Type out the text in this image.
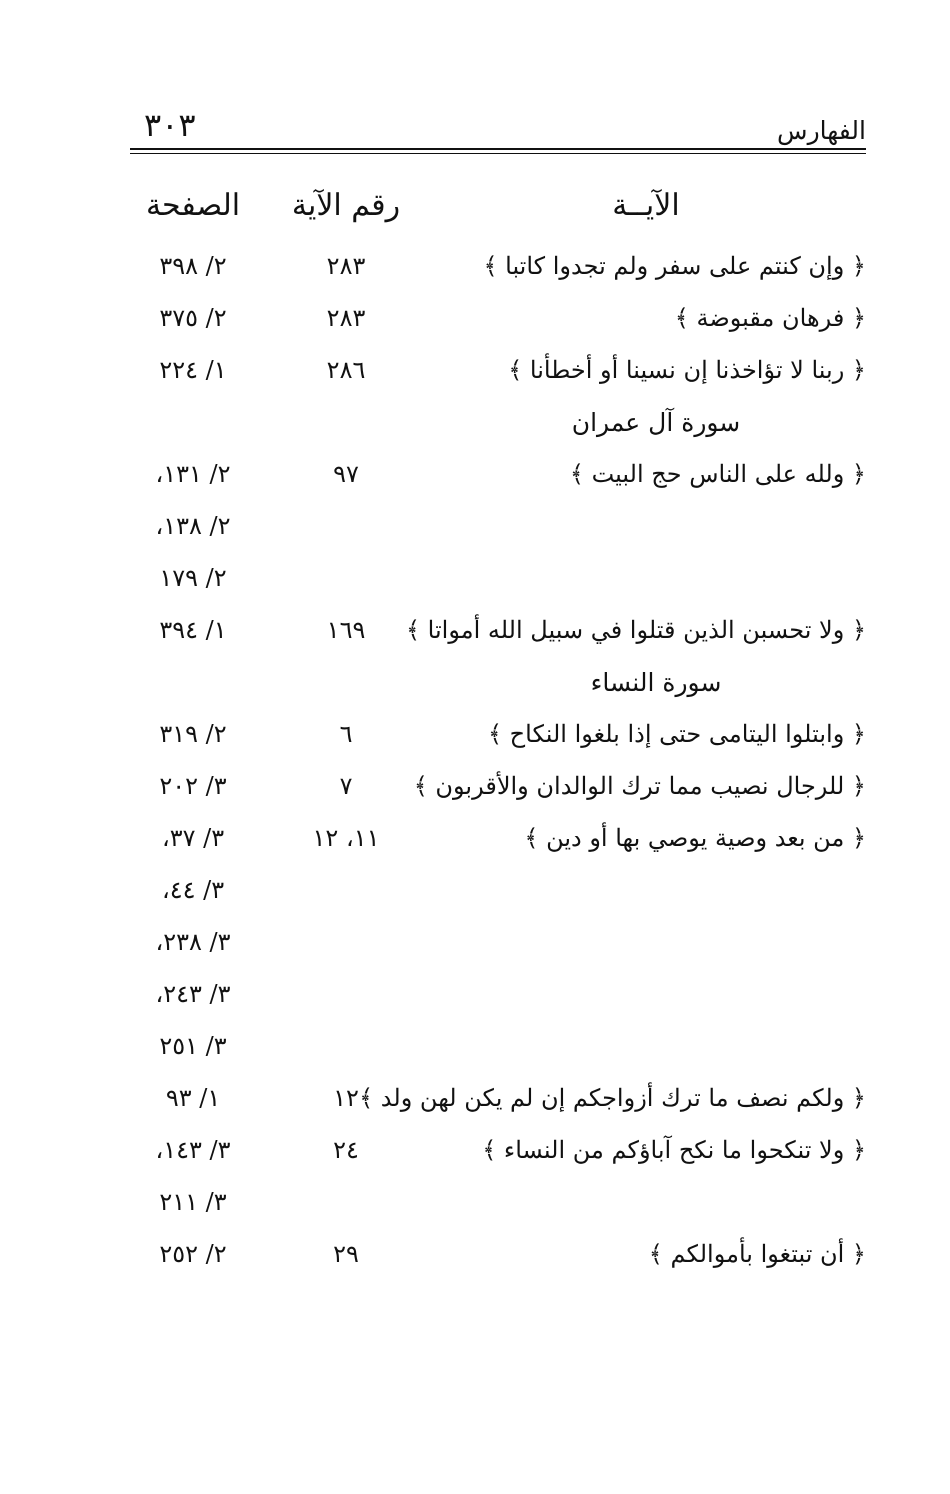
الفهارس
٣٠٣
الآيــة
رقم الآية
الصفحة
﴿ وإن كنتم على سفر ولم تجدوا كاتبا ﴾
٢٨٣
٢/ ٣٩٨
﴿ فرهان مقبوضة ﴾
٢٨٣
٢/ ٣٧٥
﴿ ربنا لا تؤاخذنا إن نسينا أو أخطأنا ﴾
٢٨٦
١/ ٢٢٤
سورة آل عمران
﴿ ولله على الناس حج البيت ﴾
٩٧
٢/ ١٣١،
٢/ ١٣٨،
٢/ ١٧٩
﴿ ولا تحسبن الذين قتلوا في سبيل الله أمواتا ﴾
١٦٩
١/ ٣٩٤
سورة النساء
﴿ وابتلوا اليتامى حتى إذا بلغوا النكاح ﴾
٦
٢/ ٣١٩
﴿ للرجال نصيب مما ترك الوالدان والأقربون ﴾
٧
٣/ ٢٠٢
﴿ من بعد وصية يوصي بها أو دين ﴾
١١، ١٢
٣/ ٣٧،
٣/ ٤٤،
٣/ ٢٣٨،
٣/ ٢٤٣،
٣/ ٢٥١
﴿ ولكم نصف ما ترك أزواجكم إن لم يكن لهن ولد ﴾
١٢
١/ ٩٣
﴿ ولا تنكحوا ما نكح آباؤكم من النساء ﴾
٢٤
٣/ ١٤٣،
٣/ ٢١١
﴿ أن تبتغوا بأموالكم ﴾
٢٩
٢/ ٢٥٢
